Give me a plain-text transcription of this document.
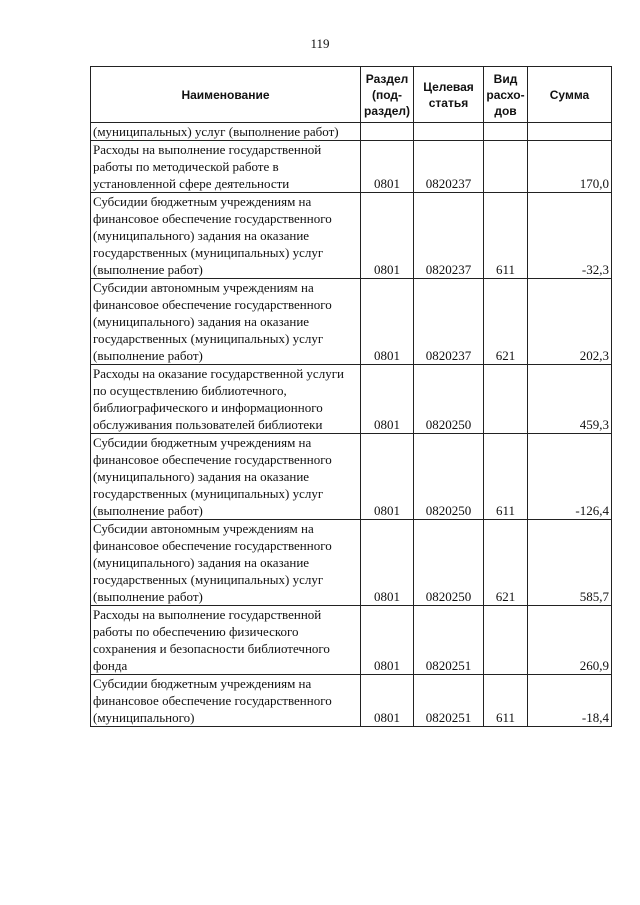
119
Наименование	Раздел (под-раздел)	Целевая статья	Вид расхо-дов	Сумма
(муниципальных) услуг (выполнение работ)				
Расходы на выполнение государственной работы по методической работе в установленной сфере деятельности	0801	0820237		170,0
Субсидии бюджетным учреждениям на финансовое обеспечение государственного (муниципального) задания на оказание государственных (муниципальных) услуг (выполнение работ)	0801	0820237	611	-32,3
Субсидии автономным учреждениям на финансовое обеспечение государственного (муниципального) задания на оказание государственных (муниципальных) услуг (выполнение работ)	0801	0820237	621	202,3
Расходы на оказание государственной услуги по осуществлению библиотечного, библиографического и информационного обслуживания пользователей библиотеки	0801	0820250		459,3
Субсидии бюджетным учреждениям на финансовое обеспечение государственного (муниципального) задания на оказание государственных (муниципальных) услуг (выполнение работ)	0801	0820250	611	-126,4
Субсидии автономным учреждениям на финансовое обеспечение государственного (муниципального) задания на оказание государственных (муниципальных) услуг (выполнение работ)	0801	0820250	621	585,7
Расходы на выполнение государственной работы по обеспечению физического сохранения и безопасности библиотечного фонда	0801	0820251		260,9
Субсидии бюджетным учреждениям на финансовое обеспечение государственного (муниципального)	0801	0820251	611	-18,4
